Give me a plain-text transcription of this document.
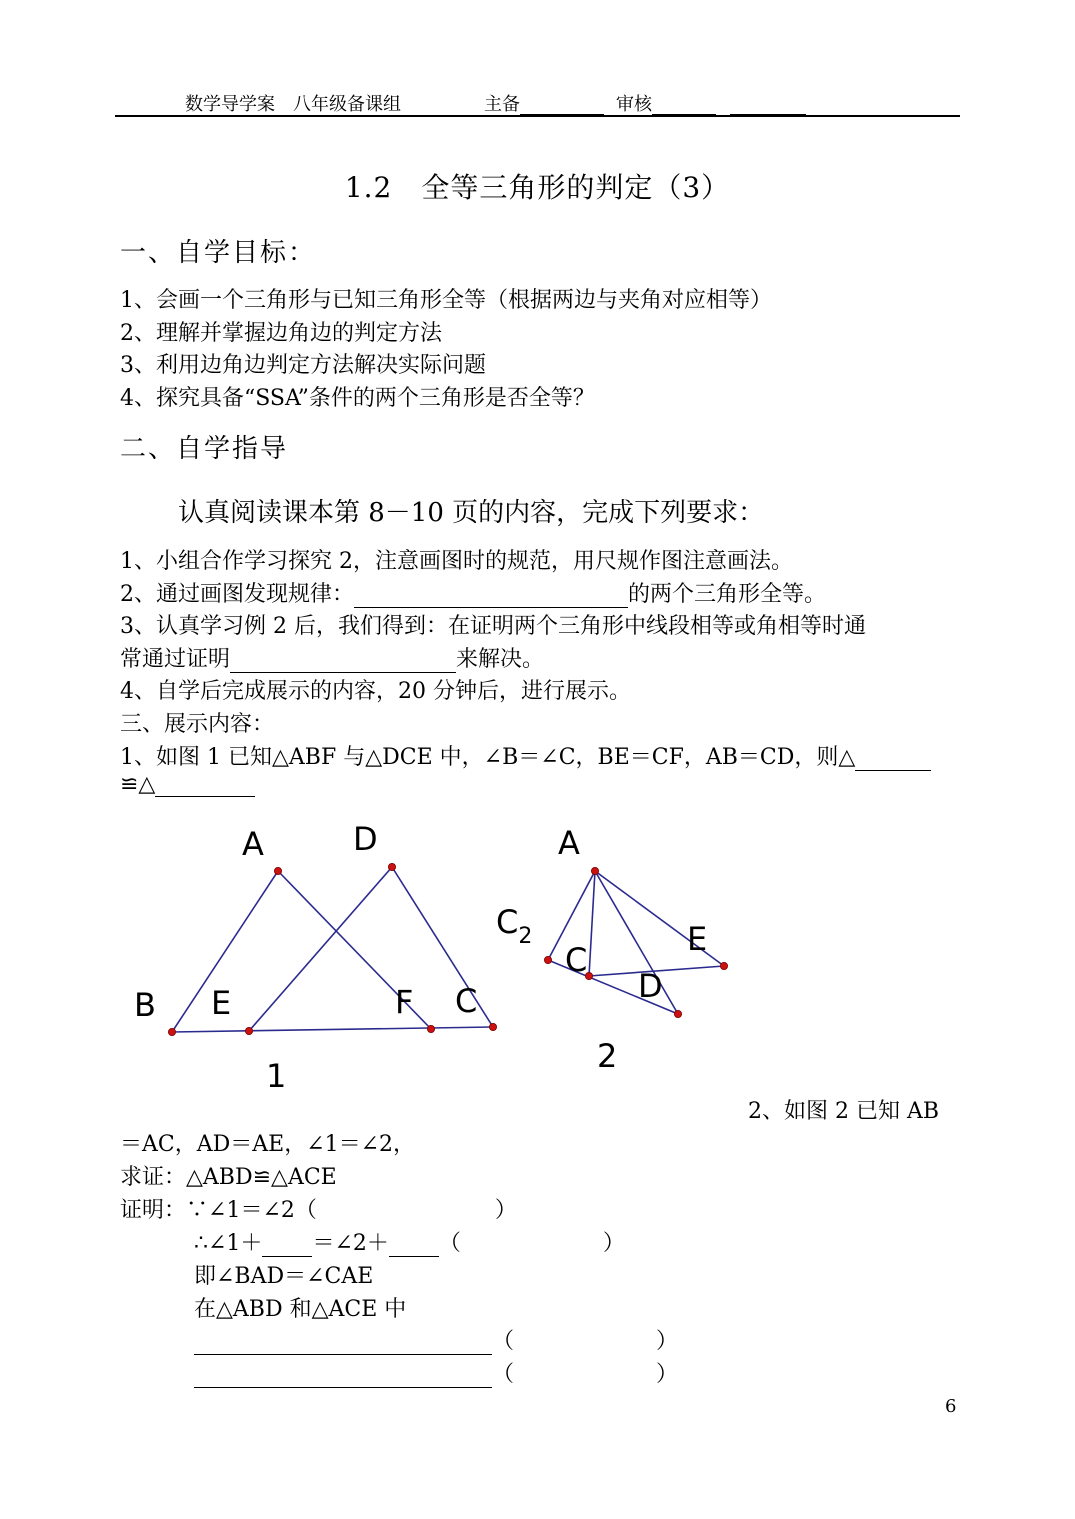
数学导学案　八年级备课组	主备	审核
1.2　全等三角形的判定（3）
一、自学目标：
1、会画一个三角形与已知三角形全等（根据两边与夹角对应相等）
2、理解并掌握边角边的判定方法
3、利用边角边判定方法解决实际问题
4、探究具备“SSA”条件的两个三角形是否全等？
二、自学指导
认真阅读课本第 8－10 页的内容，完成下列要求：
1、小组合作学习探究 2，注意画图时的规范，用尺规作图注意画法。
2、通过画图发现规律：	的两个三角形全等。
3、认真学习例 2 后，我们得到：在证明两个三角形中线段相等或角相等时通
常通过证明	来解决。
4、自学后完成展示的内容，20 分钟后，进行展示。
三、展示内容：
1、如图 1 已知△ABF 与△DCE 中，∠B＝∠C，BE＝CF，AB＝CD，则△
≌△
A	D
B E	F C
1
A
$C_2$
C
E
D
2
2、如图 2 已知 AB
＝AC，AD＝AE，∠1＝∠2，
求证：△ABD≌△ACE
证明：∵∠1＝∠2（	）
∴∠1＋ ＝∠2＋ （	）
即∠BAD＝∠CAE
在△ABD 和△ACE 中
（	）
（	）
6
